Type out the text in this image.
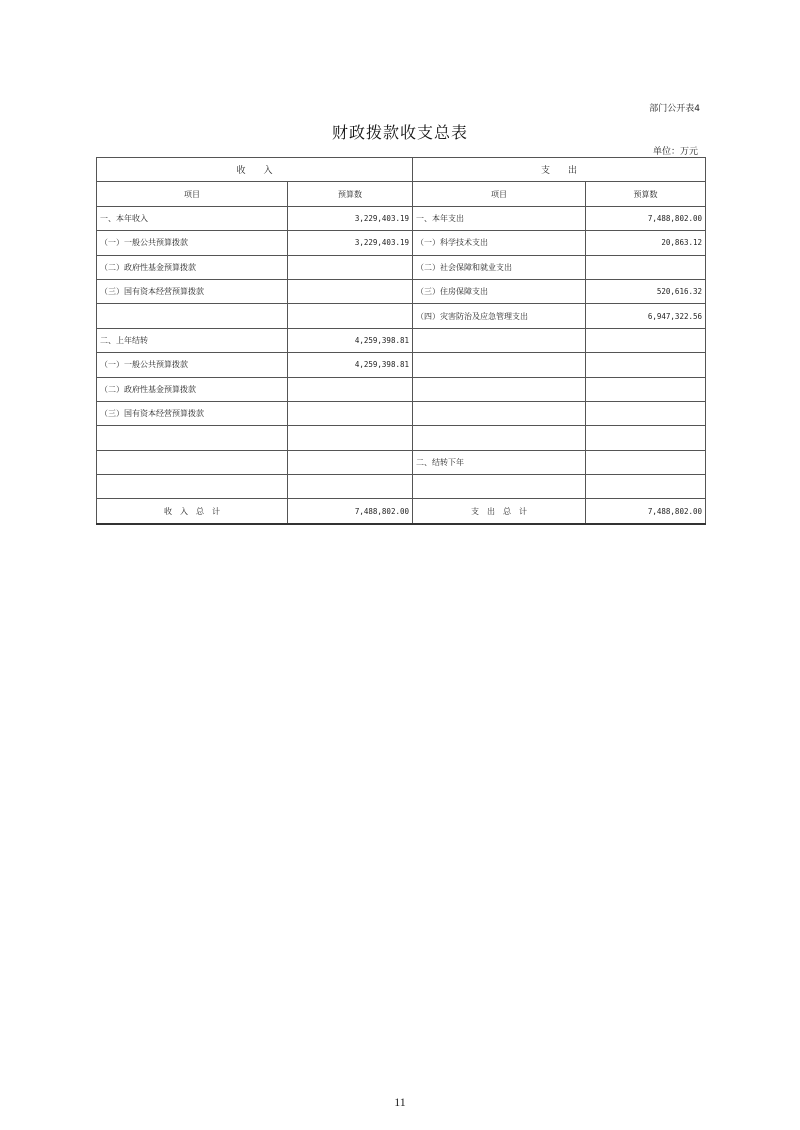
部门公开表4
财政拨款收支总表
单位：万元
收　　入		支　　出	
项目	预算数	项目	预算数
一、本年收入	3,229,403.19	一、本年支出	7,488,802.00
（一）一般公共预算拨款	3,229,403.19	（一）科学技术支出	20,863.12
（二）政府性基金预算拨款		（二）社会保障和就业支出	
（三）国有资本经营预算拨款		（三）住房保障支出	520,616.32
		（四）灾害防治及应急管理支出	6,947,322.56
二、上年结转	4,259,398.81		
（一）一般公共预算拨款	4,259,398.81		
（二）政府性基金预算拨款			
（三）国有资本经营预算拨款			

		二、结转下年	

收　入　总　计	7,488,802.00	支　出　总　计	7,488,802.00
11
